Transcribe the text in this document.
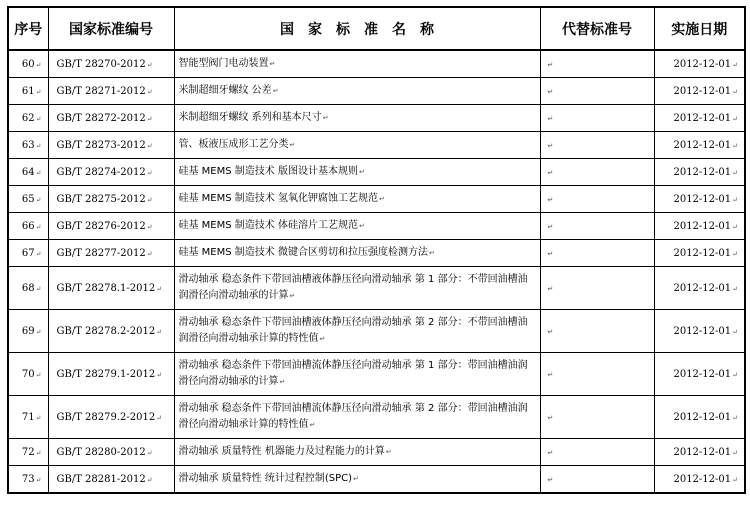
序号	国家标准编号	国　家　标　准　名　称	代替标准号	实施日期
60↵	GB/T 28270-2012↵	智能型阀门电动装置↵	↵	2012-12-01↵
61↵	GB/T 28271-2012↵	米制超细牙螺纹 公差↵	↵	2012-12-01↵
62↵	GB/T 28272-2012↵	米制超细牙螺纹 系列和基本尺寸↵	↵	2012-12-01↵
63↵	GB/T 28273-2012↵	管、板液压成形工艺分类↵	↵	2012-12-01↵
64↵	GB/T 28274-2012↵	硅基 MEMS 制造技术 版图设计基本规则↵	↵	2012-12-01↵
65↵	GB/T 28275-2012↵	硅基 MEMS 制造技术 氢氧化钾腐蚀工艺规范↵	↵	2012-12-01↵
66↵	GB/T 28276-2012↵	硅基 MEMS 制造技术 体硅溶片工艺规范↵	↵	2012-12-01↵
67↵	GB/T 28277-2012↵	硅基 MEMS 制造技术 微键合区剪切和拉压强度检测方法↵	↵	2012-12-01↵
68↵	GB/T 28278.1-2012↵	滑动轴承 稳态条件下带回油槽液体静压径向滑动轴承 第 1 部分：不带回油槽油润滑径向滑动轴承的计算↵	↵	2012-12-01↵
69↵	GB/T 28278.2-2012↵	滑动轴承 稳态条件下带回油槽液体静压径向滑动轴承 第 2 部分：不带回油槽油润滑径向滑动轴承计算的特性值↵	↵	2012-12-01↵
70↵	GB/T 28279.1-2012↵	滑动轴承 稳态条件下带回油槽流体静压径向滑动轴承 第 1 部分：带回油槽油润滑径向滑动轴承的计算↵	↵	2012-12-01↵
71↵	GB/T 28279.2-2012↵	滑动轴承 稳态条件下带回油槽流体静压径向滑动轴承 第 2 部分：带回油槽油润滑径向滑动轴承计算的特性值↵	↵	2012-12-01↵
72↵	GB/T 28280-2012↵	滑动轴承 质量特性 机器能力及过程能力的计算↵	↵	2012-12-01↵
73↵	GB/T 28281-2012↵	滑动轴承 质量特性 统计过程控制(SPC)↵	↵	2012-12-01↵
